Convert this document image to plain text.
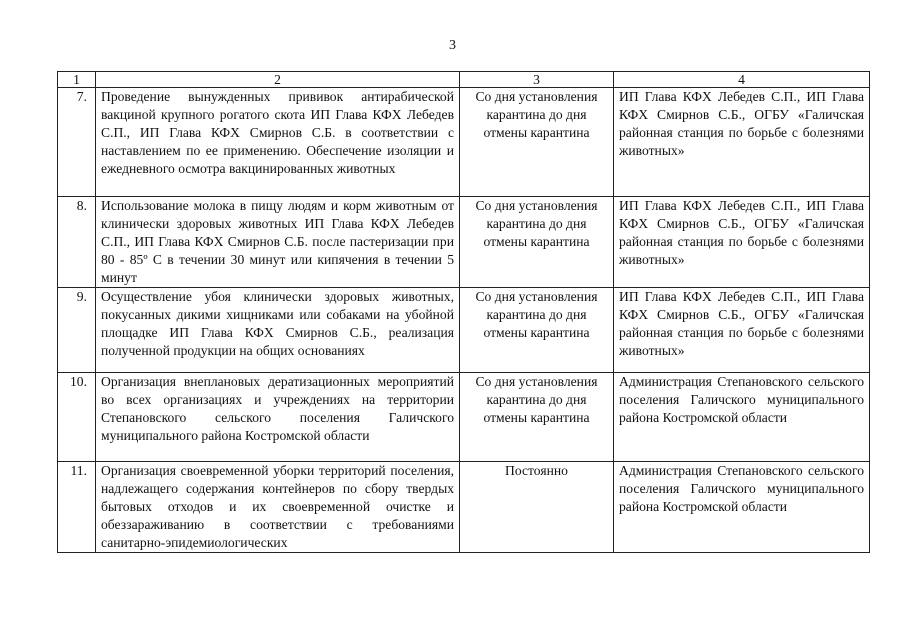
3
1	2	3	4
7.	Проведение вынужденных прививок антирабической вакциной крупного рогатого скота ИП Глава КФХ Лебедев С.П., ИП Глава КФХ Смирнов С.Б. в соответствии с наставлением по ее применению. Обеспечение изоляции и ежедневного осмотра вакцинированных животных	Со дня установления карантина до дня отмены карантина	ИП Глава КФХ Лебедев С.П., ИП Глава КФХ Смирнов С.Б., ОГБУ «Галичская районная станция по борьбе с болезнями животных»
8.	Использование молока в пищу людям и корм животным от клинически здоровых животных ИП Глава КФХ Лебедев С.П., ИП Глава КФХ Смирнов С.Б. после пастеризации при 80 - 85º С в течении 30 минут или кипячения в течении 5 минут	Со дня установления карантина до дня отмены карантина	ИП Глава КФХ Лебедев С.П., ИП Глава КФХ Смирнов С.Б., ОГБУ «Галичская районная станция по борьбе с болезнями животных»
9.	Осуществление убоя клинически здоровых животных, покусанных дикими хищниками или собаками на убойной площадке ИП Глава КФХ Смирнов С.Б., реализация полученной продукции на общих основаниях	Со дня установления карантина до дня отмены карантина	ИП Глава КФХ Лебедев С.П., ИП Глава КФХ Смирнов С.Б., ОГБУ «Галичская районная станция по борьбе с болезнями животных»
10.	Организация внеплановых дератизационных мероприятий во всех организациях и учреждениях на территории Степановского сельского поселения Галичского муниципального района Костромской области	Со дня установления карантина до дня отмены карантина	Администрация Степановского сельского поселения Галичского муниципального района Костромской области
11.	Организация своевременной уборки территорий поселения, надлежащего содержания контейнеров по сбору твердых бытовых отходов и их своевременной очистке и обеззараживанию в соответствии с требованиями санитарно-эпидемиологических	Постоянно	Администрация Степановского сельского поселения Галичского муниципального района Костромской области
